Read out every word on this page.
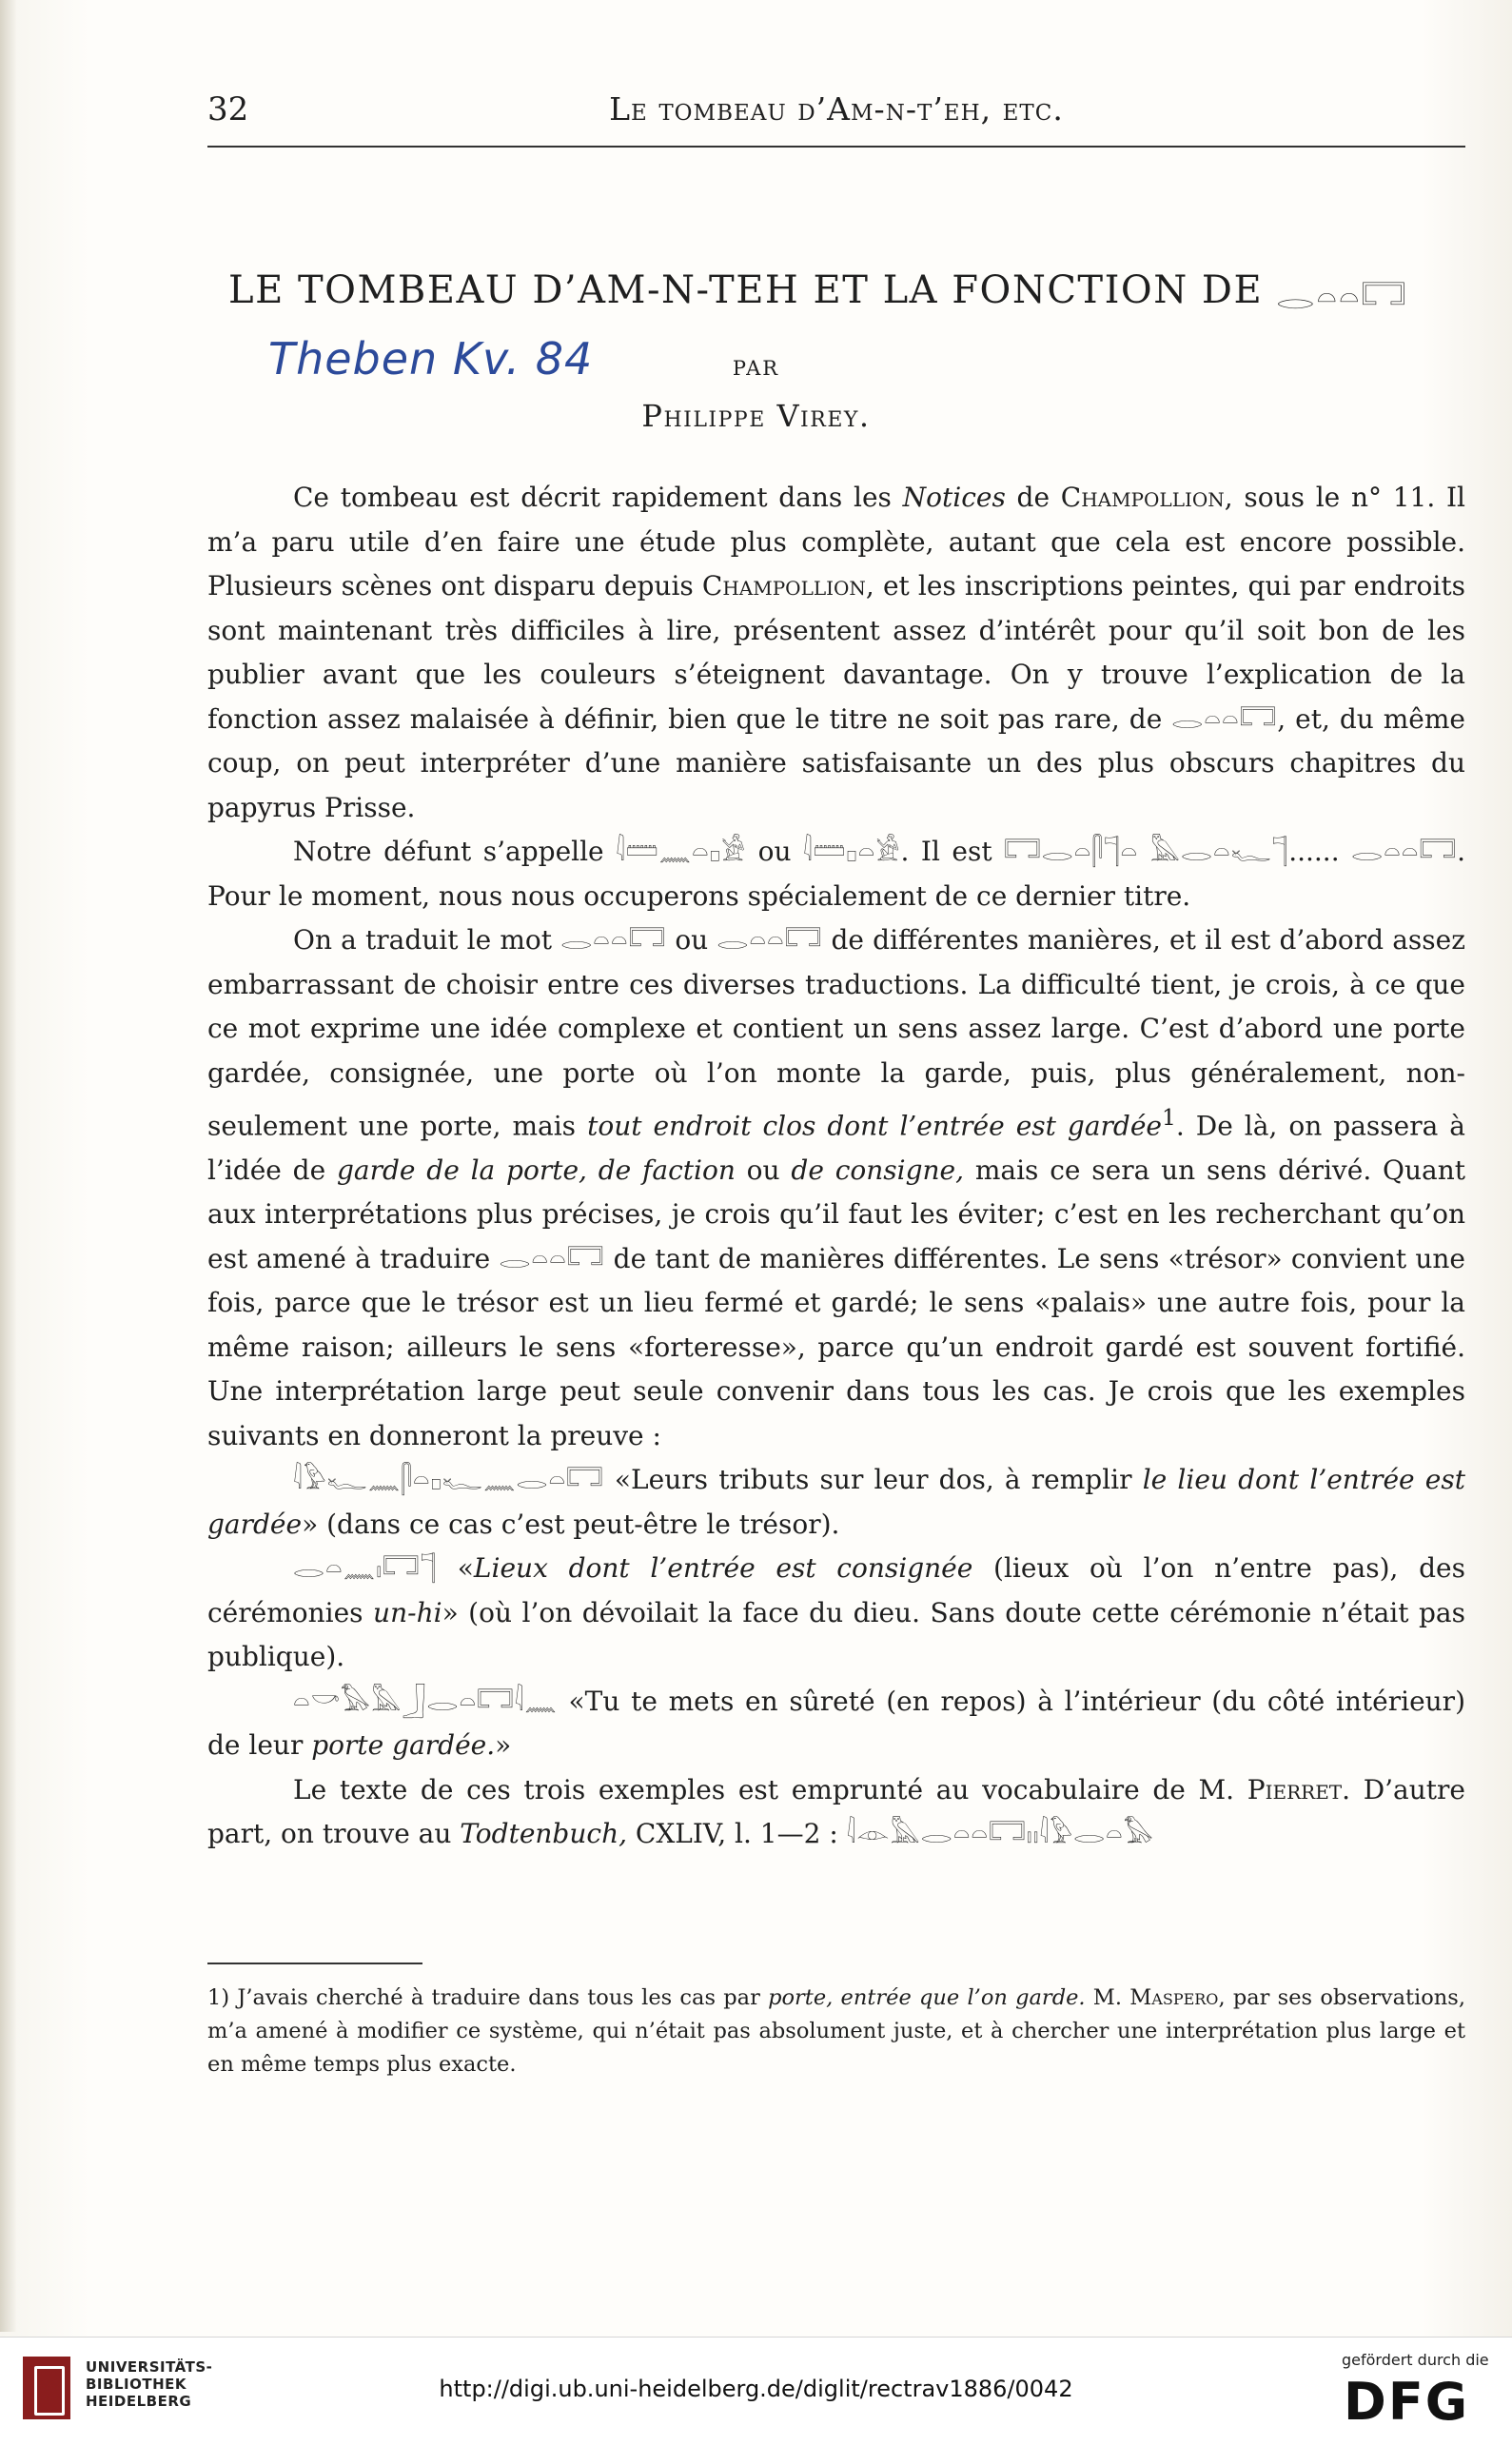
32	Le tombeau d’Am-n-t’eh, etc.
LE TOMBEAU D’AM-N-TEH ET LA FONCTION DE 𓂋𓏏𓏏𓉐
Theben Kv. 84	PAR
Philippe Virey.

Ce tombeau est décrit rapidement dans les Notices de Champollion, sous le n° 11. Il m’a paru utile d’en faire une étude plus complète, autant que cela est encore possible. Plusieurs scènes ont disparu depuis Champollion, et les inscriptions peintes, qui par endroits sont maintenant très difficiles à lire, présentent assez d’intérêt pour qu’il soit bon de les publier avant que les couleurs s’éteignent davantage. On y trouve l’explication de la fonction assez malaisée à définir, bien que le titre ne soit pas rare, de 𓂋𓏏𓏏𓉐, et, du même coup, on peut interpréter d’une manière satisfaisante un des plus obscurs chapitres du papyrus Prisse.

Notre défunt s’appelle 𓇋𓏠𓈖𓏏𓊪𓀀 ou 𓇋𓏠𓊪𓏏𓀀. Il est 𓉐𓂋𓏏𓋴𓊹𓏏 𓅓𓂋𓏏𓆑𓊹...... 𓂋𓏏𓏏𓉐. Pour le moment, nous nous occuperons spécialement de ce dernier titre.

On a traduit le mot 𓂋𓏏𓏏𓉐 ou 𓂋𓏏𓏏𓉐 de différentes manières, et il est d’abord assez embarrassant de choisir entre ces diverses traductions. La difficulté tient, je crois, à ce que ce mot exprime une idée complexe et contient un sens assez large. C’est d’abord une porte gardée, consignée, une porte où l’on monte la garde, puis, plus généralement, non-seulement une porte, mais tout endroit clos dont l’entrée est gardée$^1$. De là, on passera à l’idée de garde de la porte, de faction ou de consigne, mais ce sera un sens dérivé. Quant aux interprétations plus précises, je crois qu’il faut les éviter; c’est en les recherchant qu’on est amené à traduire 𓂋𓏏𓏏𓉐 de tant de manières différentes. Le sens «trésor» convient une fois, parce que le trésor est un lieu fermé et gardé; le sens «palais» une autre fois, pour la même raison; ailleurs le sens «forteresse», parce qu’un endroit gardé est souvent fortifié. Une interprétation large peut seule convenir dans tous les cas. Je crois que les exemples suivants en donneront la preuve :

𓇋𓅱𓆑𓈖𓋴𓏏𓊪𓆑𓈖𓂋𓏏𓉐 «Leurs tributs sur leur dos, à remplir le lieu dont l’entrée est gardée» (dans ce cas c’est peut-être le trésor).

𓂋𓏏𓈖𓏤𓉐𓊹 «Lieux dont l’entrée est consignée (lieux où l’on n’entre pas), des cérémonies un-hi» (où l’on dévoilait la face du dieu. Sans doute cette cérémonie n’était pas publique).

𓏏𓎡𓅃𓅓𓃀𓂋𓏏𓉐𓇋𓈖 «Tu te mets en sûreté (en repos) à l’intérieur (du côté intérieur) de leur porte gardée.»

Le texte de ces trois exemples est emprunté au vocabulaire de M. Pierret. D’autre part, on trouve au Todtenbuch, CXLIV, l. 1—2 : 𓇋𓁹𓅓𓂋𓏏𓏏𓉐𓏤𓏤𓇋𓅱𓂋𓏏𓅃

1) J’avais cherché à traduire dans tous les cas par porte, entrée que l’on garde. M. Maspero, par ses observations, m’a amené à modifier ce système, qui n’était pas absolument juste, et à chercher une interprétation plus large et en même temps plus exacte.
UNIVERSITÄTS-
BIBLIOTHEK
HEIDELBERG	http://digi.ub.uni-heidelberg.de/diglit/rectrav1886/0042
gefördert durch die
DFG
